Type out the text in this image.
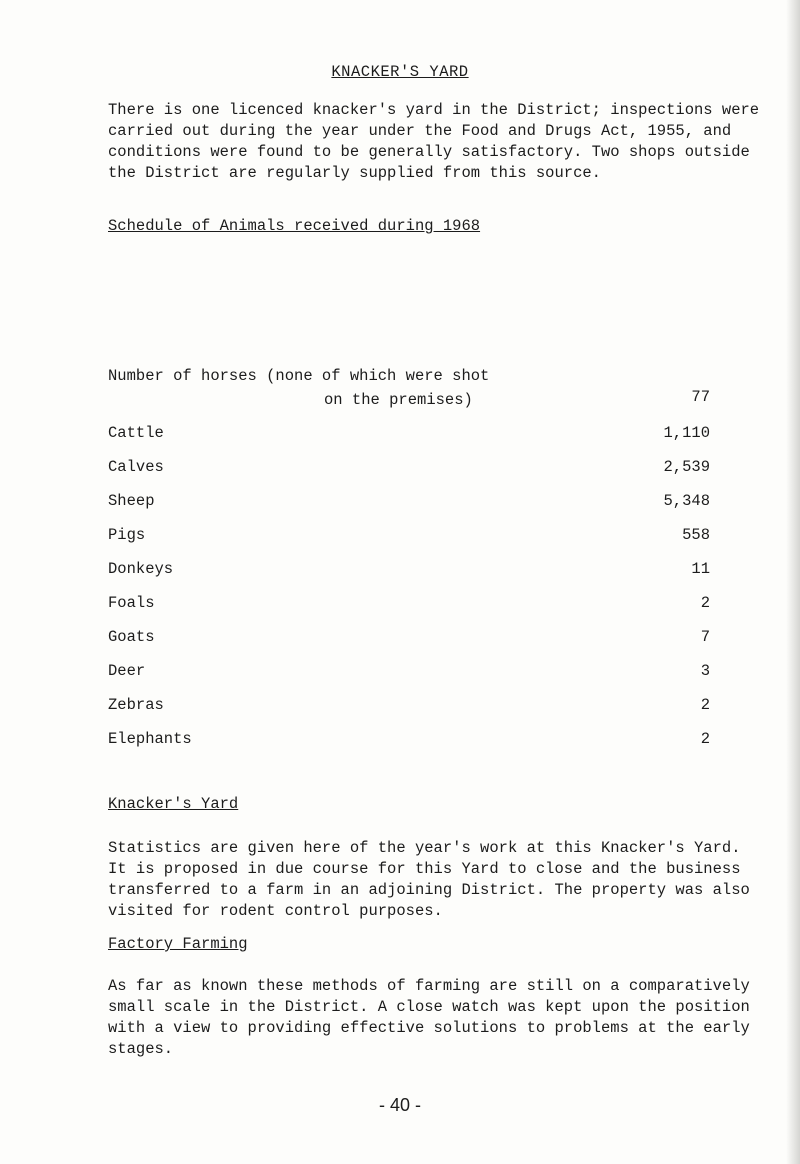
KNACKER'S YARD

There is one licenced knacker's yard in the District; inspections were carried out during the year under the Food and Drugs Act, 1955, and conditions were found to be generally satisfactory. Two shops outside the District are regularly supplied from this source.

Schedule of Animals received during 1968

Number of horses (none of which were shot
on the premises)	77
Cattle	1,110
Calves	2,539
Sheep	5,348
Pigs	558
Donkeys	11
Foals	2
Goats	7
Deer	3
Zebras	2
Elephants	2

Knacker's Yard

Statistics are given here of the year's work at this Knacker's Yard. It is proposed in due course for this Yard to close and the business transferred to a farm in an adjoining District. The property was also visited for rodent control purposes.

Factory Farming

As far as known these methods of farming are still on a comparatively small scale in the District. A close watch was kept upon the position with a view to providing effective solutions to problems at the early stages.

- 40 -
